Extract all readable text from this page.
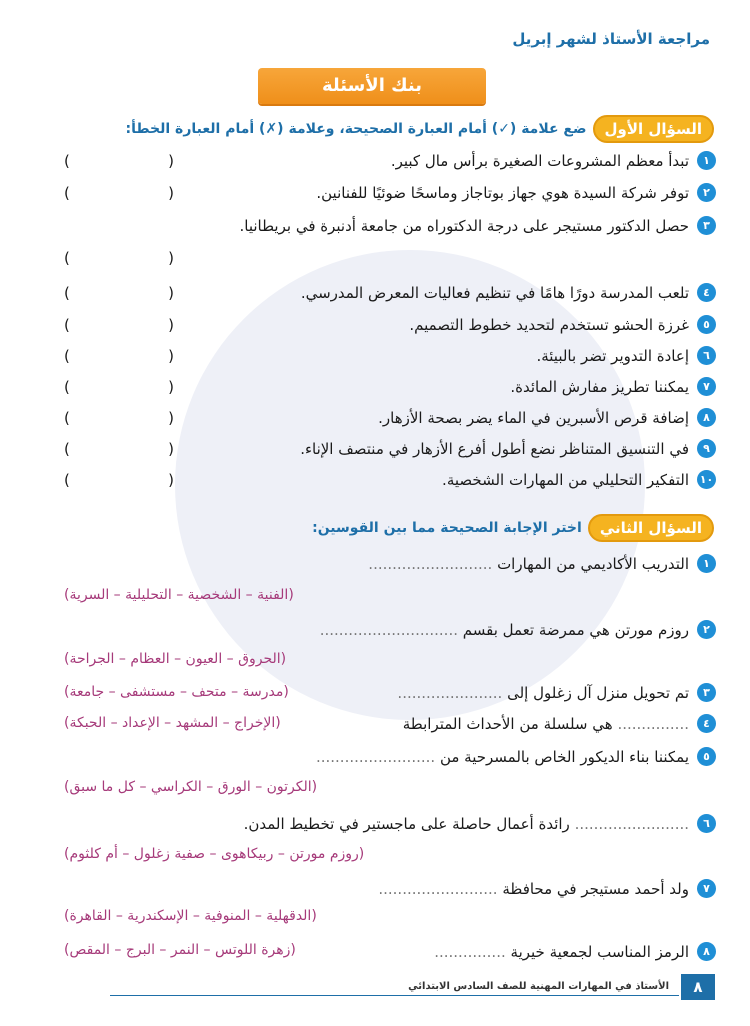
مراجعة الأستاذ لشهر إبريل
بنك الأسئلة
السؤال الأول
ضع علامة (✓) أمام العبارة الصحيحة، وعلامة (✗) أمام العبارة الخطأ:
١
تبدأ معظم المشروعات الصغيرة برأس مال كبير.
(	)
٢
توفر شركة السيدة هوي جهاز بوتاجاز وماسحًا ضوئيًا للفنانين.
(	)
٣
حصل الدكتور مستيجر على درجة الدكتوراه من جامعة أدنبرة في بريطانيا.
(	)
٤
تلعب المدرسة دورًا هامًا في تنظيم فعاليات المعرض المدرسي.
(	)
٥
غرزة الحشو تستخدم لتحديد خطوط التصميم.
(	)
٦
إعادة التدوير تضر بالبيئة.
(	)
٧
يمكننا تطريز مفارش المائدة.
(	)
٨
إضافة قرص الأسبرين في الماء يضر بصحة الأزهار.
(	)
٩
في التنسيق المتناظر نضع أطول أفرع الأزهار في منتصف الإناء.
(	)
١٠
التفكير التحليلي من المهارات الشخصية.
(	)
السؤال الثاني
اختر الإجابة الصحيحة مما بين القوسين:
١
التدريب الأكاديمي من المهارات ..........................
(الفنية – الشخصية – التحليلية – السرية)
٢
روزم مورتن هي ممرضة تعمل بقسم .............................
(الحروق – العيون – العظام – الجراحة)
٣
تم تحويل منزل آل زغلول إلى ......................
(مدرسة – متحف – مستشفى – جامعة)
٤
............... هي سلسلة من الأحداث المترابطة
(الإخراج – المشهد – الإعداد – الحبكة)
٥
يمكننا بناء الديكور الخاص بالمسرحية من .........................
(الكرتون – الورق – الكراسي – كل ما سبق)
٦
........................ رائدة أعمال حاصلة على ماجستير في تخطيط المدن.
(روزم مورتن – ربيكاهوى – صفية زغلول – أم كلثوم)
٧
ولد أحمد مستيجر في محافظة .........................
(الدقهلية – المنوفية – الإسكندرية – القاهرة)
٨
الرمز المناسب لجمعية خيرية ...............
(زهرة اللوتس – النمر – البرج – المقص)
٨
الأستاذ في المهارات المهنية للصف السادس الابتدائي
